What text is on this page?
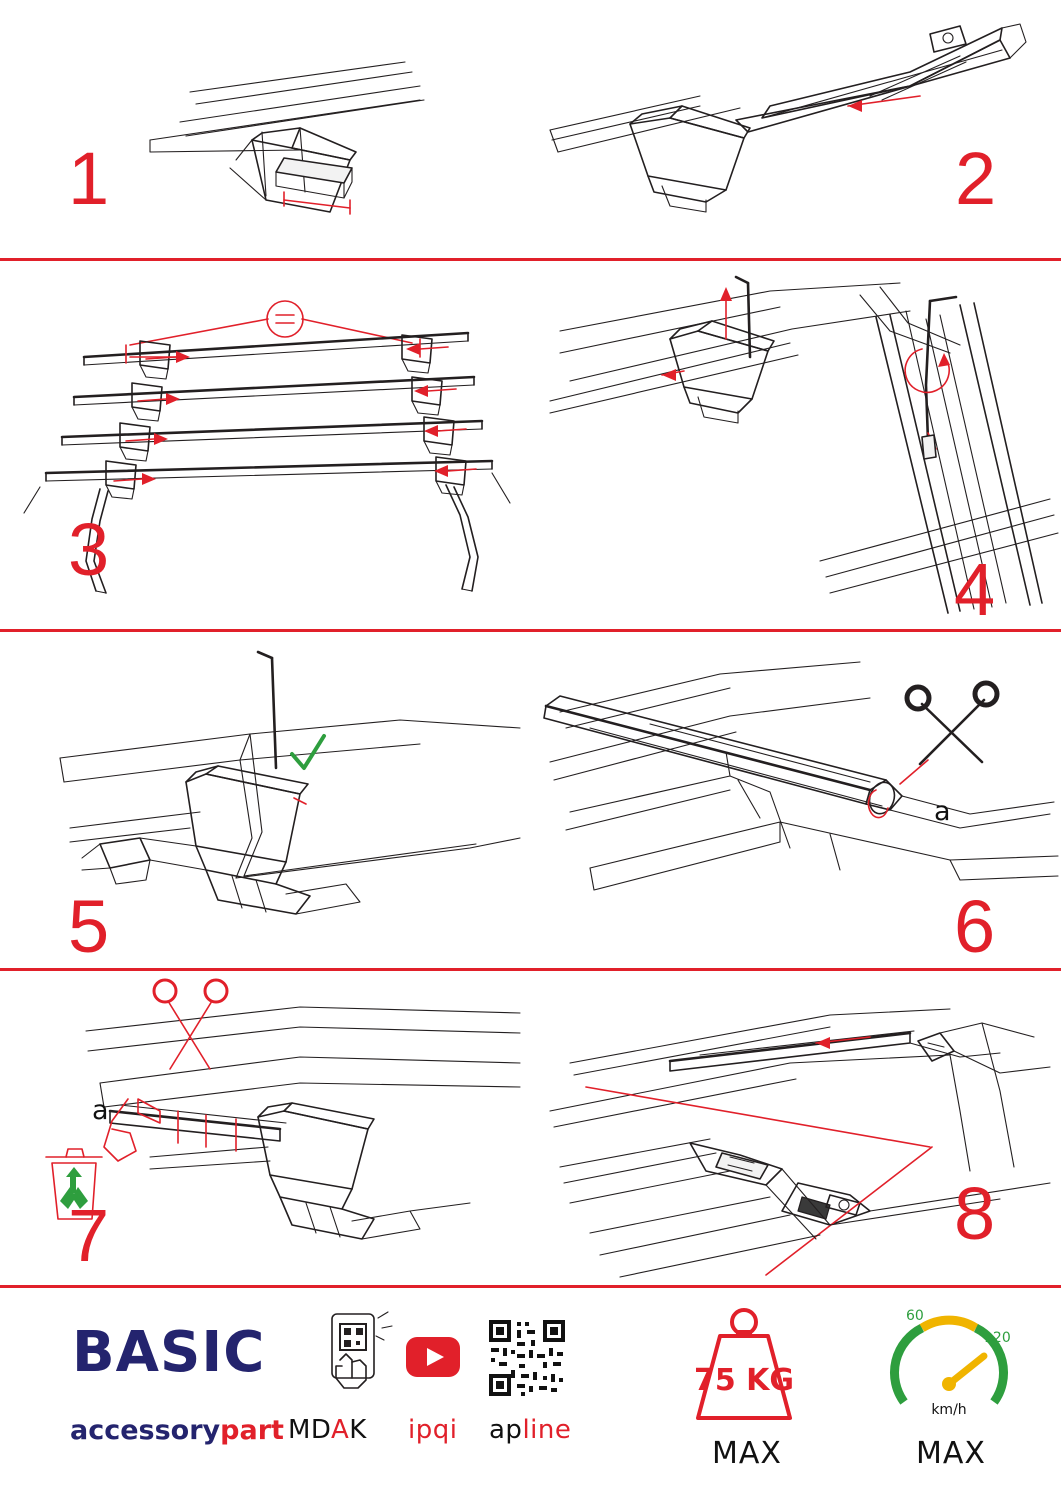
1	2
3	4
5
a
6
a
7	8
BASIC
accessorypart MDAK ipqi apline
75 KG
MAX
60
120
km/h
MAX
